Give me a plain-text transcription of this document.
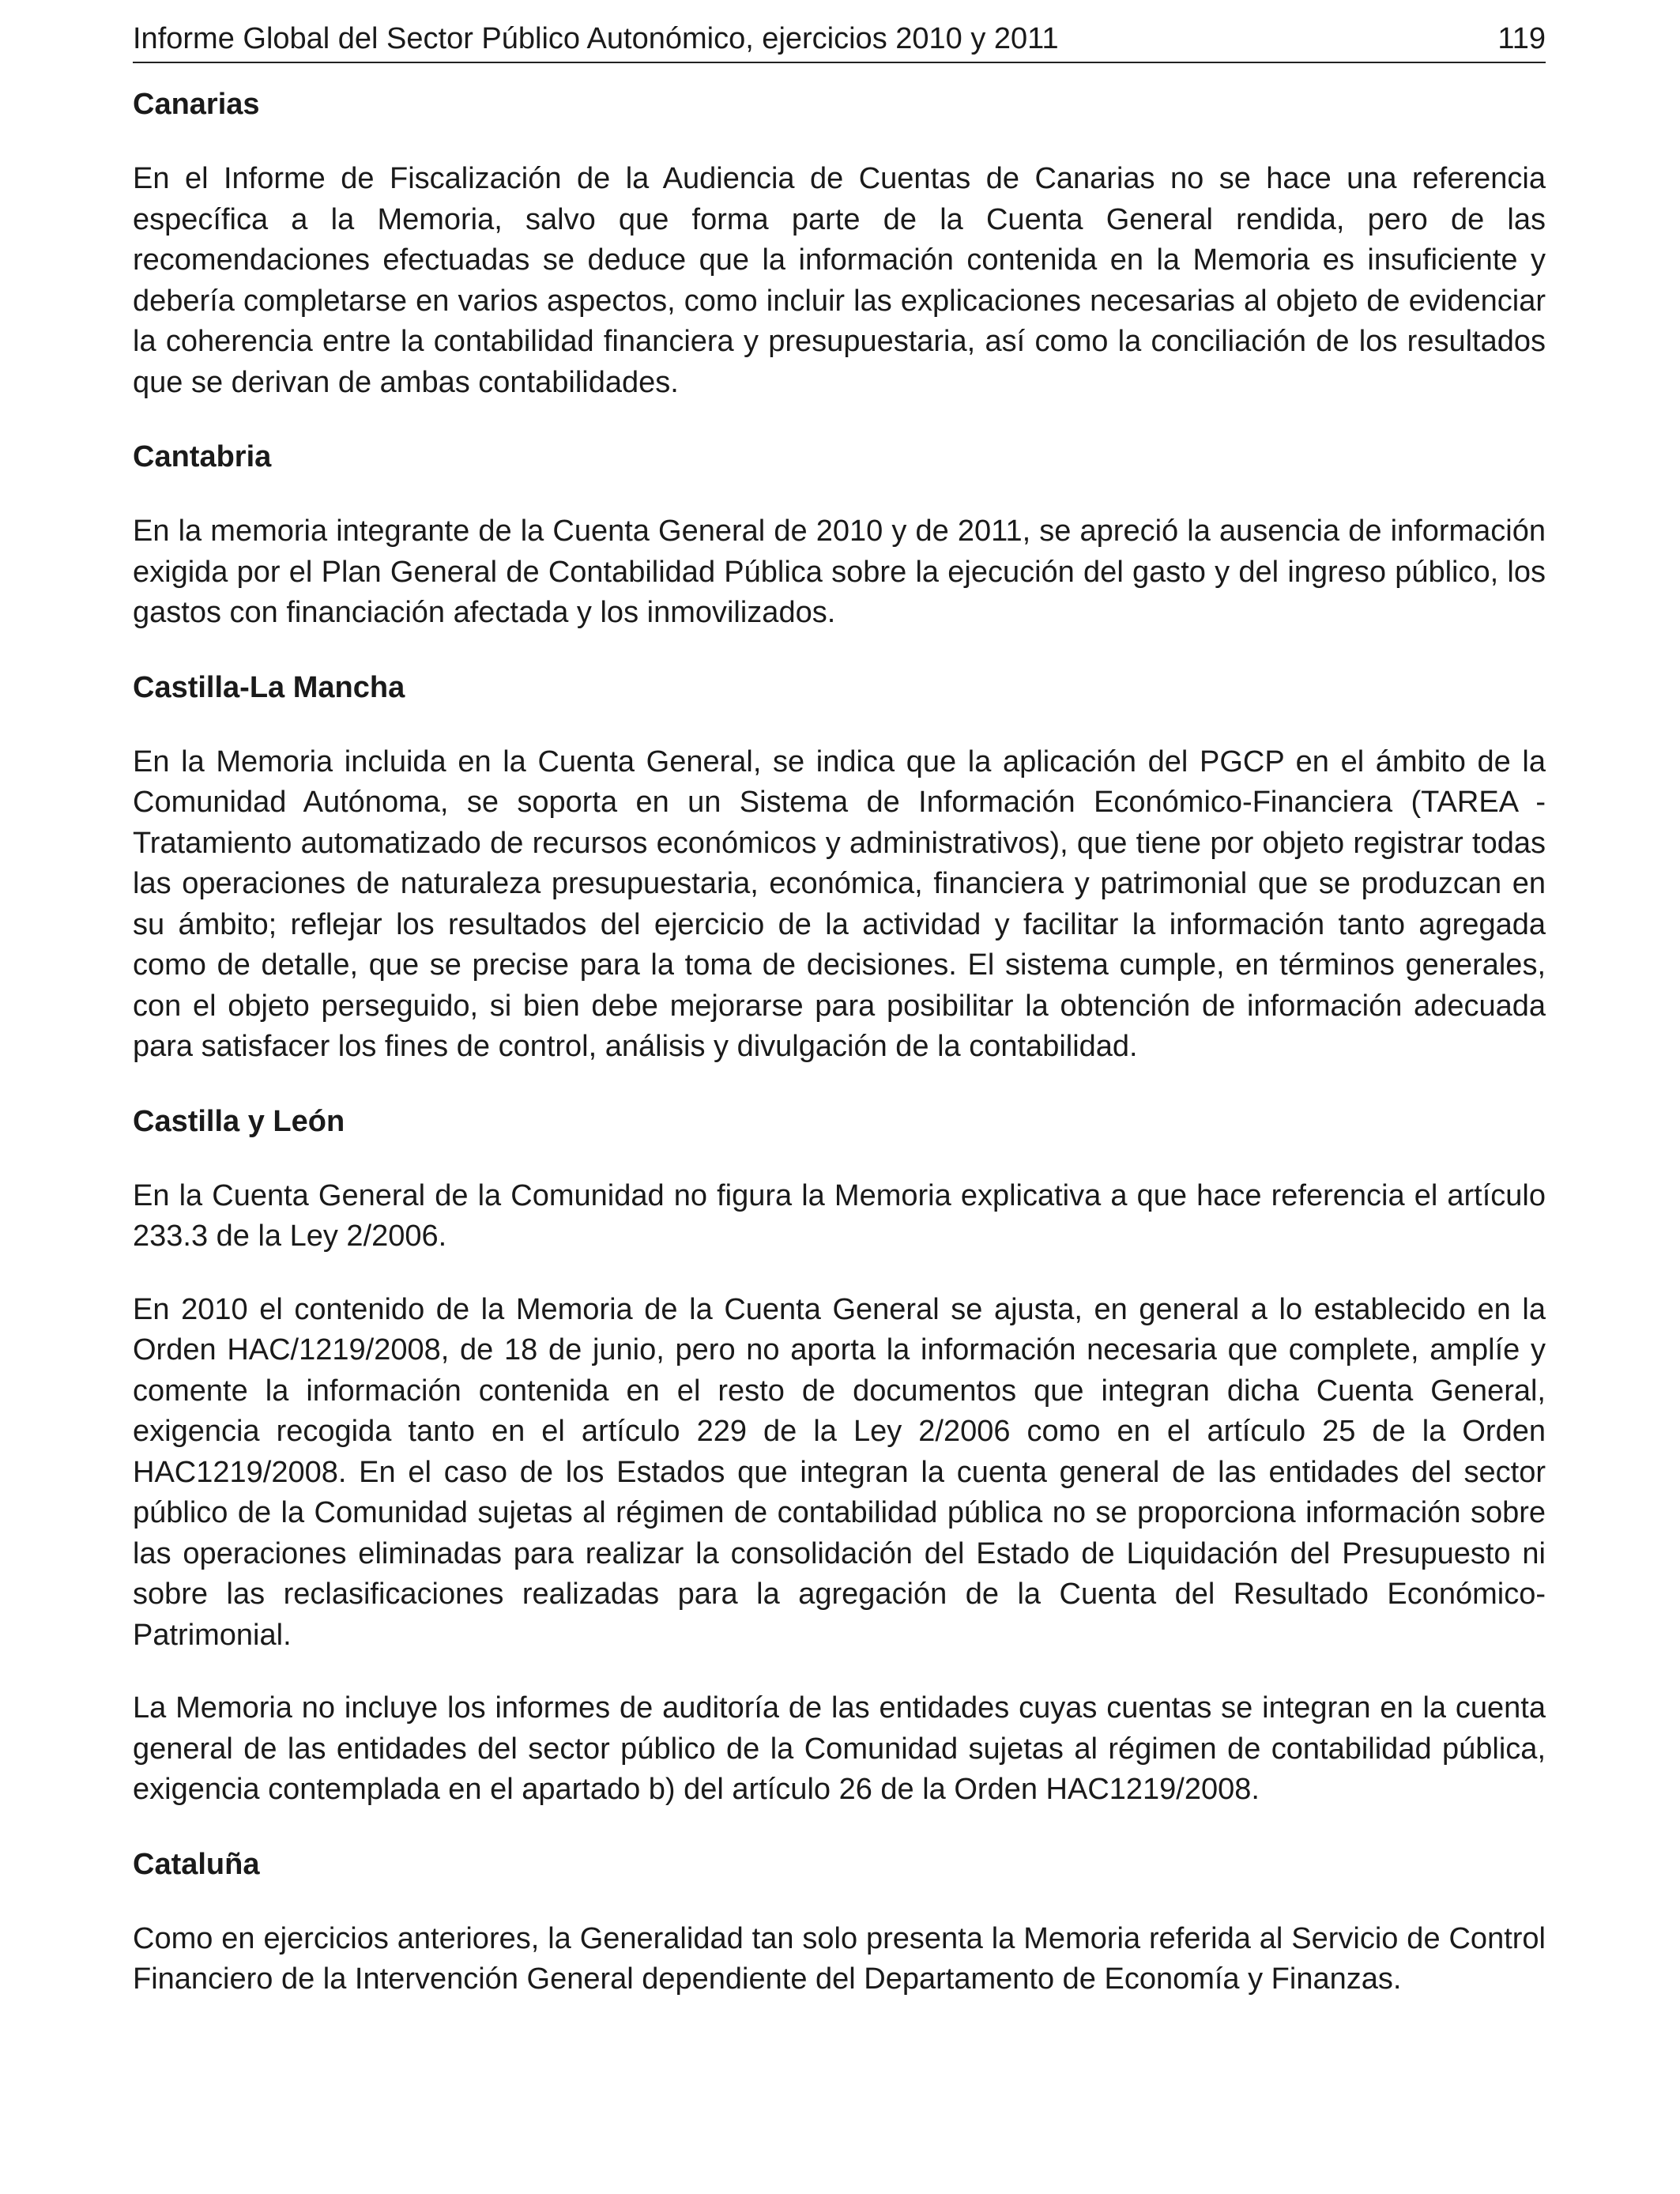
Informe Global del Sector Público Autonómico, ejercicios 2010 y 2011	119
Canarias

En el Informe de Fiscalización de la Audiencia de Cuentas de Canarias no se hace una referencia específica a la Memoria, salvo que forma parte de la Cuenta General rendida, pero de las recomendaciones efectuadas se deduce que la información contenida en la Memoria es insuficiente y debería completarse en varios aspectos, como incluir las explicaciones necesarias al objeto de evidenciar la coherencia entre la contabilidad financiera y presupuestaria, así como la conciliación de los resultados que se derivan de ambas contabilidades.

Cantabria

En la memoria integrante de la Cuenta General de 2010 y de 2011, se apreció la ausencia de información exigida por el Plan General de Contabilidad Pública sobre la ejecución del gasto y del ingreso público, los gastos con financiación afectada y los inmovilizados.

Castilla-La Mancha

En la Memoria incluida en la Cuenta General, se indica que la aplicación del PGCP en el ámbito de la Comunidad Autónoma, se soporta en un Sistema de Información Económico-Financiera (TAREA - Tratamiento automatizado de recursos económicos y administrativos), que tiene por objeto registrar todas las operaciones de naturaleza presupuestaria, económica, financiera y patrimonial que se produzcan en su ámbito; reflejar los resultados del ejercicio de la actividad y facilitar la información tanto agregada como de detalle, que se precise para la toma de decisiones. El sistema cumple, en términos generales, con el objeto perseguido, si bien debe mejorarse para posibilitar la obtención de información adecuada para satisfacer los fines de control, análisis y divulgación de la contabilidad.

Castilla y León

En la Cuenta General de la Comunidad no figura la Memoria explicativa a que hace referencia el artículo 233.3 de la Ley 2/2006.

En 2010 el contenido de la Memoria de la Cuenta General se ajusta, en general a lo establecido en la Orden HAC/1219/2008, de 18 de junio, pero no aporta la información necesaria que complete, amplíe y comente la información contenida en el resto de documentos que integran dicha Cuenta General, exigencia recogida tanto en el artículo 229 de la Ley 2/2006 como en el artículo 25 de la Orden HAC1219/2008. En el caso de los Estados que integran la cuenta general de las entidades del sector público de la Comunidad sujetas al régimen de contabilidad pública no se proporciona información sobre las operaciones eliminadas para realizar la consolidación del Estado de Liquidación del Presupuesto ni sobre las reclasificaciones realizadas para la agregación de la Cuenta del Resultado Económico-Patrimonial.

La Memoria no incluye los informes de auditoría de las entidades cuyas cuentas se integran en la cuenta general de las entidades del sector público de la Comunidad sujetas al régimen de contabilidad pública, exigencia contemplada en el apartado b) del artículo 26 de la Orden HAC1219/2008.

Cataluña

Como en ejercicios anteriores, la Generalidad tan solo presenta la Memoria referida al Servicio de Control Financiero de la Intervención General dependiente del Departamento de Economía y Finanzas.
